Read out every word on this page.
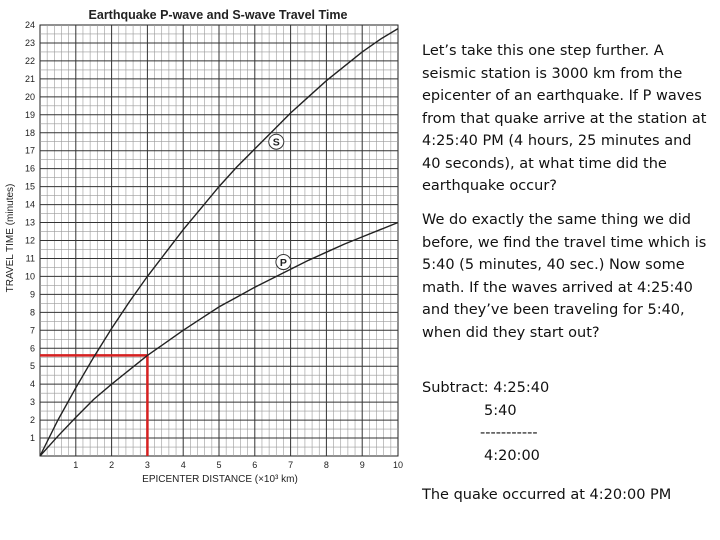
Earthquake P-wave and S-wave Travel Time
1	2	3	4	5	6	7	8	9	10
1
2
3
4
5
6
7
8
9
10
11
12
13
14
15
16
17
18
19
20
21
22
23
24
EPICENTER DISTANCE (×10³ km)
TRAVEL TIME (minutes)
S
P
Let’s take this one step further. A seismic station is 3000 km from the epicenter of an earthquake. If P waves from that quake arrive at the station at 4:25:40 PM (4 hours, 25 minutes and 40 seconds), at what time did the earthquake occur?
We do exactly the same thing we did before, we find the travel time which is 5:40 (5 minutes, 40 sec.) Now some math. If the waves arrived at 4:25:40 and they’ve been traveling for 5:40, when did they start out?
Subtract: 4:25:40
5:40
-----------
4:20:00
The quake occurred at 4:20:00 PM
